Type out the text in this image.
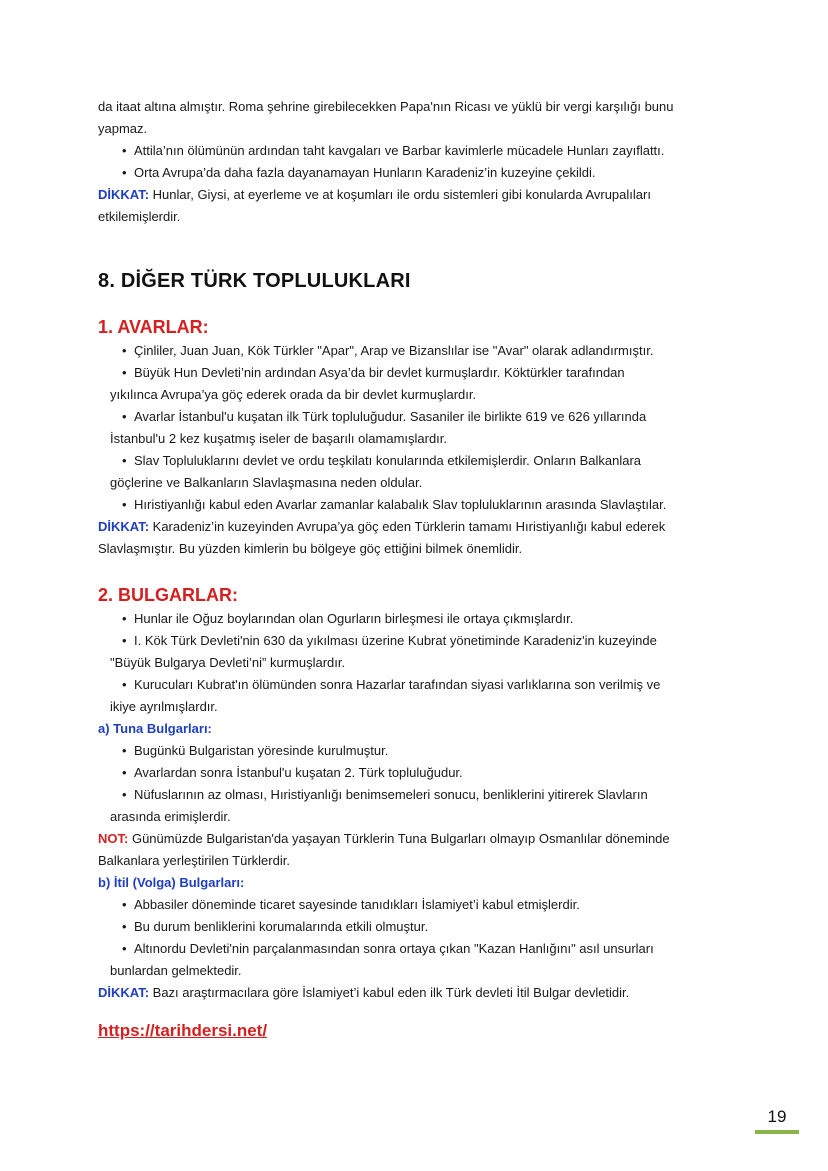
da itaat altına almıştır. Roma şehrine girebilecekken Papa'nın Ricası ve yüklü bir vergi karşılığı bunu

yapmaz.

• Attila’nın ölümünün ardından taht kavgaları ve Barbar kavimlerle mücadele Hunları zayıflattı.

• Orta Avrupa’da daha fazla dayanamayan Hunların Karadeniz’in kuzeyine çekildi.

DİKKAT: Hunlar, Giysi, at eyerleme ve at koşumları ile ordu sistemleri gibi konularda Avrupalıları

etkilemişlerdir.

8. DİĞER TÜRK TOPLULUKLARI

1. AVARLAR:

• Çinliler, Juan Juan, Kök Türkler "Apar", Arap ve Bizanslılar ise "Avar" olarak adlandırmıştır.

• Büyük Hun Devleti’nin ardından Asya’da bir devlet kurmuşlardır. Köktürkler tarafından

yıkılınca Avrupa’ya göç ederek orada da bir devlet kurmuşlardır.

• Avarlar İstanbul'u kuşatan ilk Türk topluluğudur. Sasaniler ile birlikte 619 ve 626 yıllarında

İstanbul'u 2 kez kuşatmış iseler de başarılı olamamışlardır.

• Slav Topluluklarını devlet ve ordu teşkilatı konularında etkilemişlerdir. Onların Balkanlara

göçlerine ve Balkanların Slavlaşmasına neden oldular.

• Hıristiyanlığı kabul eden Avarlar zamanlar kalabalık Slav topluluklarının arasında Slavlaştılar.

DİKKAT: Karadeniz’in kuzeyinden Avrupa’ya göç eden Türklerin tamamı Hıristiyanlığı kabul ederek

Slavlaşmıştır. Bu yüzden kimlerin bu bölgeye göç ettiğini bilmek önemlidir.

2. BULGARLAR:

• Hunlar ile Oğuz boylarından olan Ogurların birleşmesi ile ortaya çıkmışlardır.

• I. Kök Türk Devleti'nin 630 da yıkılması üzerine Kubrat yönetiminde Karadeniz'in kuzeyinde

"Büyük Bulgarya Devleti’ni” kurmuşlardır.

• Kurucuları Kubrat'ın ölümünden sonra Hazarlar tarafından siyasi varlıklarına son verilmiş ve

ikiye ayrılmışlardır.

a) Tuna Bulgarları:

• Bugünkü Bulgaristan yöresinde kurulmuştur.

• Avarlardan sonra İstanbul'u kuşatan 2. Türk topluluğudur.

• Nüfuslarının az olması, Hıristiyanlığı benimsemeleri sonucu, benliklerini yitirerek Slavların

arasında erimişlerdir.

NOT: Günümüzde Bulgaristan'da yaşayan Türklerin Tuna Bulgarları olmayıp Osmanlılar döneminde

Balkanlara yerleştirilen Türklerdir.

b) İtil (Volga) Bulgarları:

• Abbasiler döneminde ticaret sayesinde tanıdıkları İslamiyet’i kabul etmişlerdir.

• Bu durum benliklerini korumalarında etkili olmuştur.

• Altınordu Devleti'nin parçalanmasından sonra ortaya çıkan "Kazan Hanlığını" asıl unsurları

bunlardan gelmektedir.

DİKKAT: Bazı araştırmacılara göre İslamiyet’i kabul eden ilk Türk devleti İtil Bulgar devletidir.

https://tarihdersi.net/

19
